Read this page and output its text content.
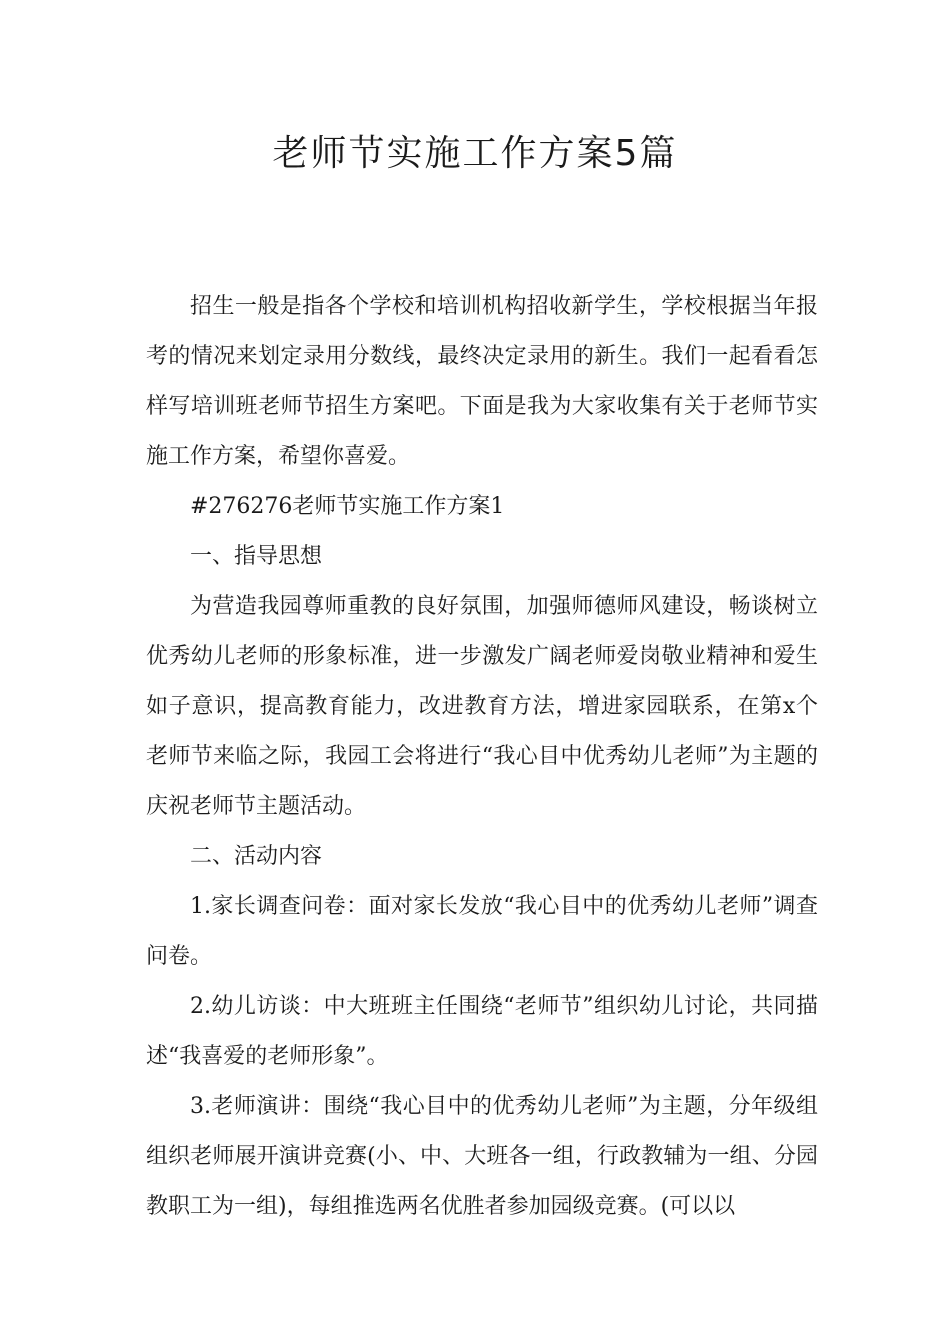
老师节实施工作方案5篇

招生一般是指各个学校和培训机构招收新学生，学校根据当年报考的情况来划定录用分数线，最终决定录用的新生。我们一起看看怎样写培训班老师节招生方案吧。下面是我为大家收集有关于老师节实施工作方案，希望你喜爱。

#276276老师节实施工作方案1

一、指导思想

为营造我园尊师重教的良好氛围，加强师德师风建设，畅谈树立优秀幼儿老师的形象标准，进一步激发广阔老师爱岗敬业精神和爱生如子意识，提高教育能力，改进教育方法，增进家园联系，在第x个老师节来临之际，我园工会将进行“我心目中优秀幼儿老师”为主题的庆祝老师节主题活动。

二、活动内容

1.家长调查问卷：面对家长发放“我心目中的优秀幼儿老师”调查问卷。

2.幼儿访谈：中大班班主任围绕“老师节”组织幼儿讨论，共同描述“我喜爱的老师形象”。

3.老师演讲：围绕“我心目中的优秀幼儿老师”为主题，分年级组组织老师展开演讲竞赛(小、中、大班各一组，行政教辅为一组、分园教职工为一组)，每组推选两名优胜者参加园级竞赛。(可以以
